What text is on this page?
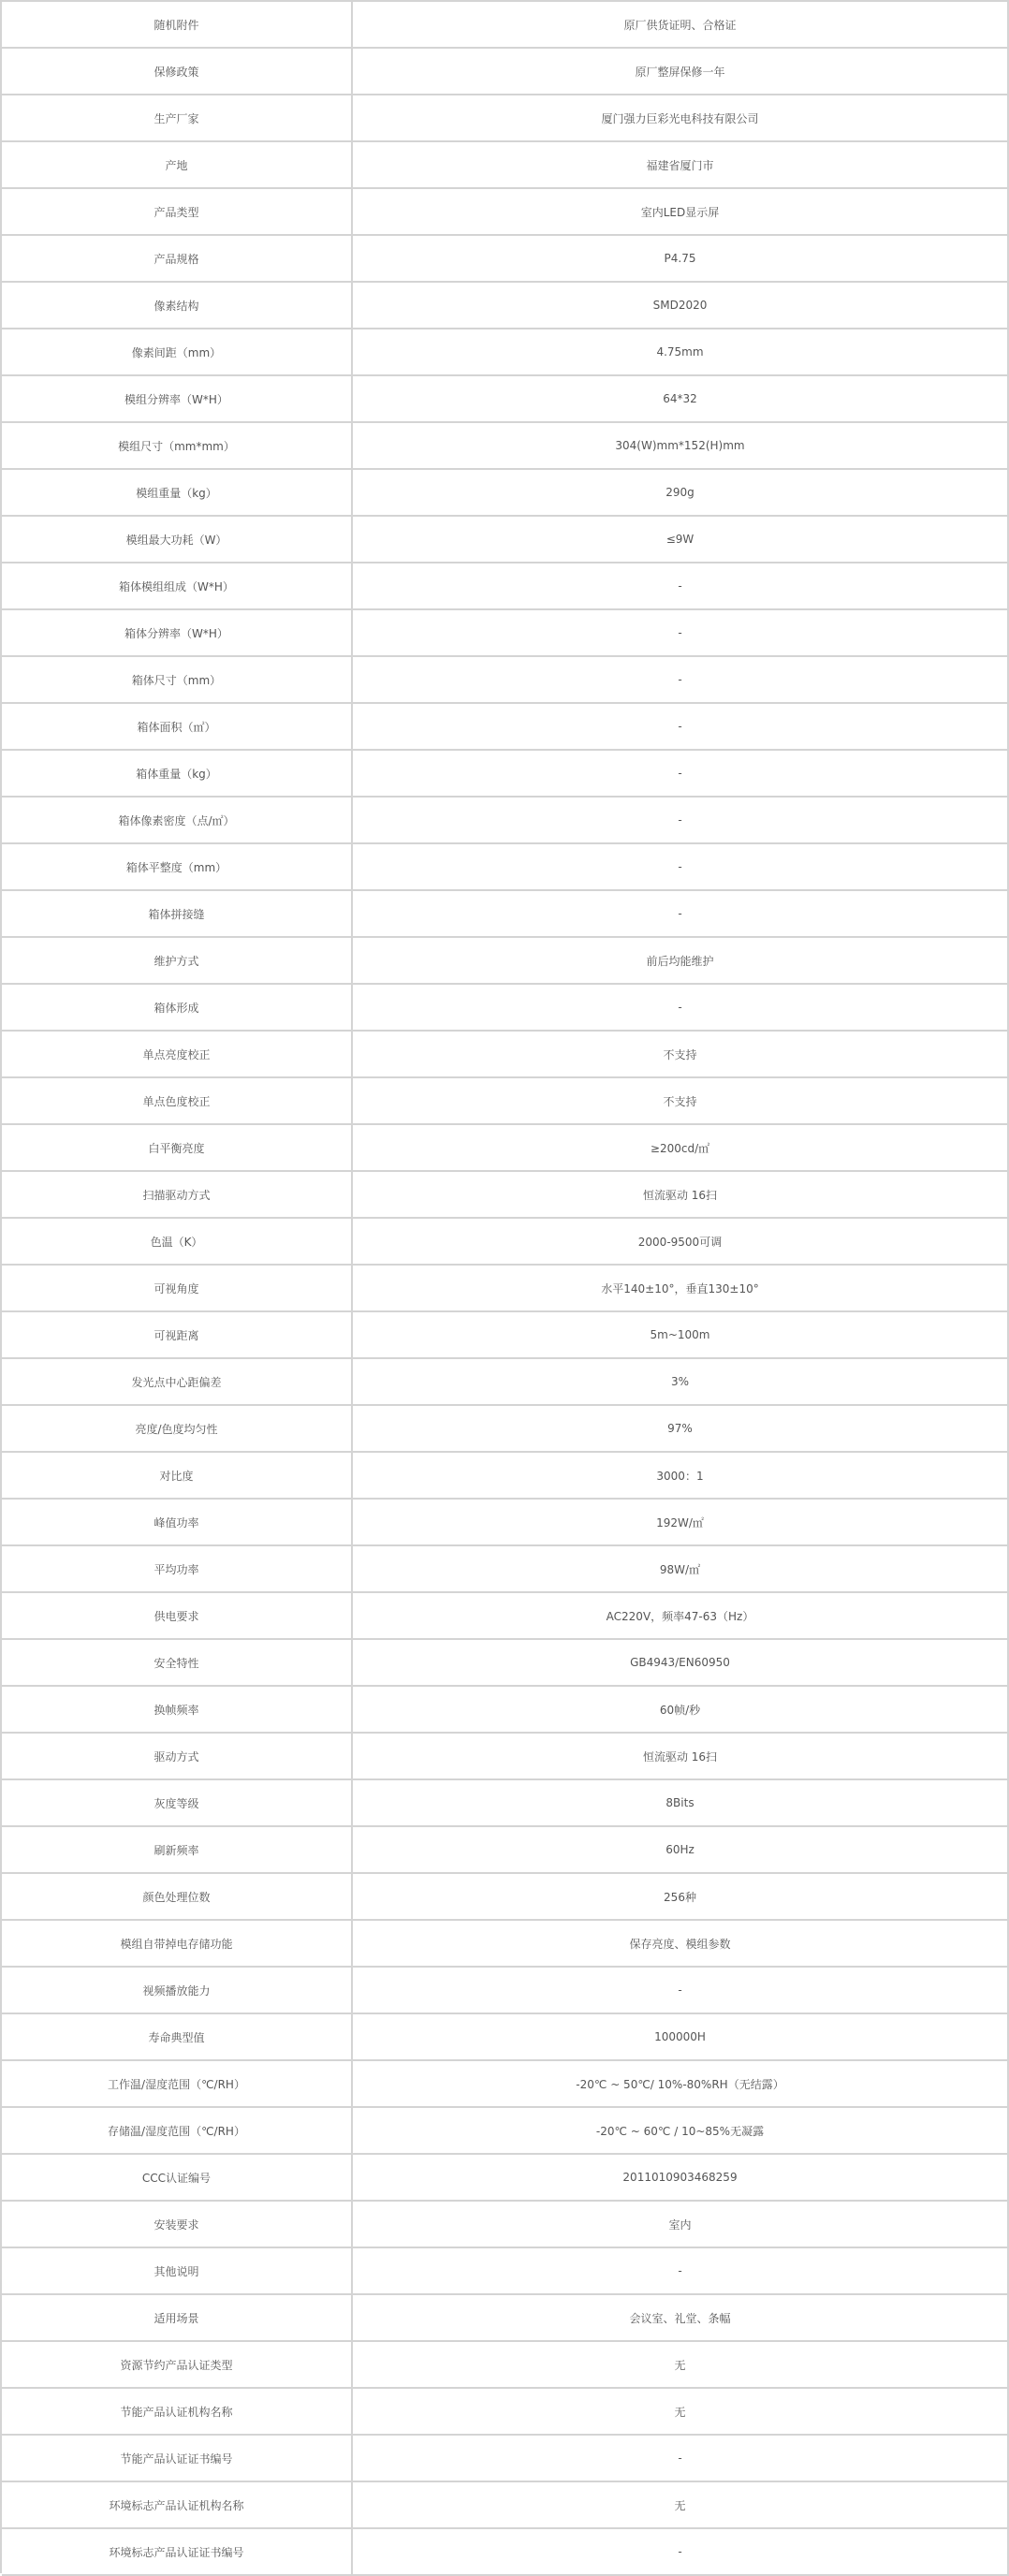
随机附件	原厂供货证明、合格证
保修政策	原厂整屏保修一年
生产厂家	厦门强力巨彩光电科技有限公司
产地	福建省厦门市
产品类型	室内LED显示屏
产品规格	P4.75
像素结构	SMD2020
像素间距（mm）	4.75mm
模组分辨率（W*H）	64*32
模组尺寸（mm*mm）	304(W)mm*152(H)mm
模组重量（kg）	290g
模组最大功耗（W）	≤9W
箱体模组组成（W*H）	-
箱体分辨率（W*H）	-
箱体尺寸（mm）	-
箱体面积（㎡）	-
箱体重量（kg）	-
箱体像素密度（点/㎡）	-
箱体平整度（mm）	-
箱体拼接缝	-
维护方式	前后均能维护
箱体形成	-
单点亮度校正	不支持
单点色度校正	不支持
白平衡亮度	≥200cd/㎡
扫描驱动方式	恒流驱动 16扫
色温（K）	2000-9500可调
可视角度	水平140±10°，垂直130±10°
可视距离	5m~100m
发光点中心距偏差	3%
亮度/色度均匀性	97%
对比度	3000：1
峰值功率	192W/㎡
平均功率	98W/㎡
供电要求	AC220V，频率47-63（Hz）
安全特性	GB4943/EN60950
换帧频率	60帧/秒
驱动方式	恒流驱动 16扫
灰度等级	8Bits
刷新频率	60Hz
颜色处理位数	256种
模组自带掉电存储功能	保存亮度、模组参数
视频播放能力	-
寿命典型值	100000H
工作温/湿度范围（℃/RH）	-20℃ ~ 50℃/ 10%-80%RH（无结露）
存储温/湿度范围（℃/RH）	-20℃ ~ 60℃ / 10~85%无凝露
CCC认证编号	2011010903468259
安装要求	室内
其他说明	-
适用场景	会议室、礼堂、条幅
资源节约产品认证类型	无
节能产品认证机构名称	无
节能产品认证证书编号	-
环境标志产品认证机构名称	无
环境标志产品认证证书编号	-
